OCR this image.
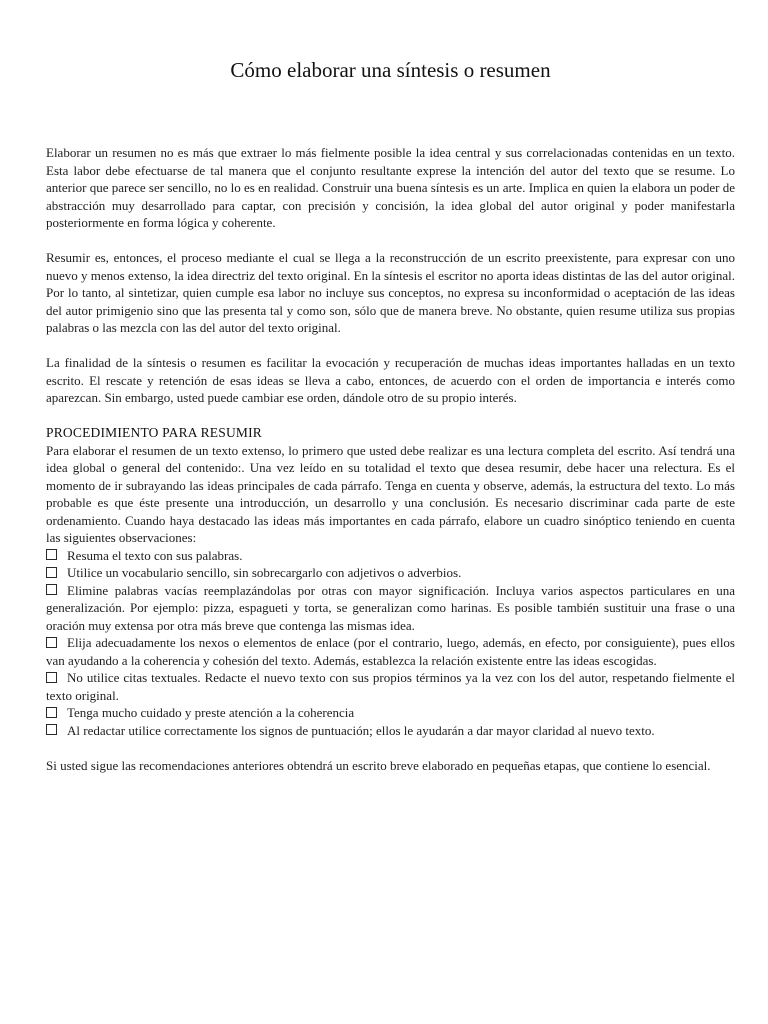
Cómo elaborar una síntesis o resumen

Elaborar un resumen no es más que extraer lo más fielmente posible la idea central y sus correlacionadas contenidas en un texto. Esta labor debe efectuarse de tal manera que el conjunto resultante exprese la intención del autor del texto que se resume. Lo anterior que parece ser sencillo, no lo es en realidad. Construir una buena síntesis es un arte. Implica en quien la elabora un poder de abstracción muy desarrollado para captar, con precisión y concisión, la idea global del autor original y poder manifestarla posteriormente en forma lógica y coherente.

Resumir es, entonces, el proceso mediante el cual se llega a la reconstrucción de un escrito preexistente, para expresar con uno nuevo y menos extenso, la idea directriz del texto original. En la síntesis el escritor no aporta ideas distintas de las del autor original. Por lo tanto, al sintetizar, quien cumple esa labor no incluye sus conceptos, no expresa su inconformidad o aceptación de las ideas del autor primigenio sino que las presenta tal y como son, sólo que de manera breve. No obstante, quien resume utiliza sus propias palabras o las mezcla con las del autor del texto original.

La finalidad de la síntesis o resumen es facilitar la evocación y recuperación de muchas ideas importantes halladas en un texto escrito. El rescate y retención de esas ideas se lleva a cabo, entonces, de acuerdo con el orden de importancia e interés como aparezcan. Sin embargo, usted puede cambiar ese orden, dándole otro de su propio interés.

PROCEDIMIENTO PARA RESUMIR

Para elaborar el resumen de un texto extenso, lo primero que usted debe realizar es una lectura completa del escrito. Así tendrá una idea global o general del contenido:. Una vez leído en su totalidad el texto que desea resumir, debe hacer una relectura. Es el momento de ir subrayando las ideas principales de cada párrafo. Tenga en cuenta y observe, además, la estructura del texto. Lo más probable es que éste presente una introducción, un desarrollo y una conclusión. Es necesario discriminar cada parte de este ordenamiento. Cuando haya destacado las ideas más importantes en cada párrafo, elabore un cuadro sinóptico teniendo en cuenta las siguientes observaciones:

Resuma el texto con sus palabras.
Utilice un vocabulario sencillo, sin sobrecargarlo con adjetivos o adverbios.
Elimine palabras vacías reemplazándolas por otras con mayor significación. Incluya varios aspectos particulares en una generalización. Por ejemplo: pizza, espagueti y torta, se generalizan como harinas. Es posible también sustituir una frase o una oración muy extensa por otra más breve que contenga las mismas idea.
Elija adecuadamente los nexos o elementos de enlace (por el contrario, luego, además, en efecto, por consiguiente), pues ellos van ayudando a la coherencia y cohesión del texto. Además, establezca la relación existente entre las ideas escogidas.
No utilice citas textuales. Redacte el nuevo texto con sus propios términos ya la vez con los del autor, respetando fielmente el texto original.
Tenga mucho cuidado y preste atención a la coherencia
Al redactar utilice correctamente los signos de puntuación; ellos le ayudarán a dar mayor claridad al nuevo texto.

Si usted sigue las recomendaciones anteriores obtendrá un escrito breve elaborado en pequeñas etapas, que contiene lo esencial.
